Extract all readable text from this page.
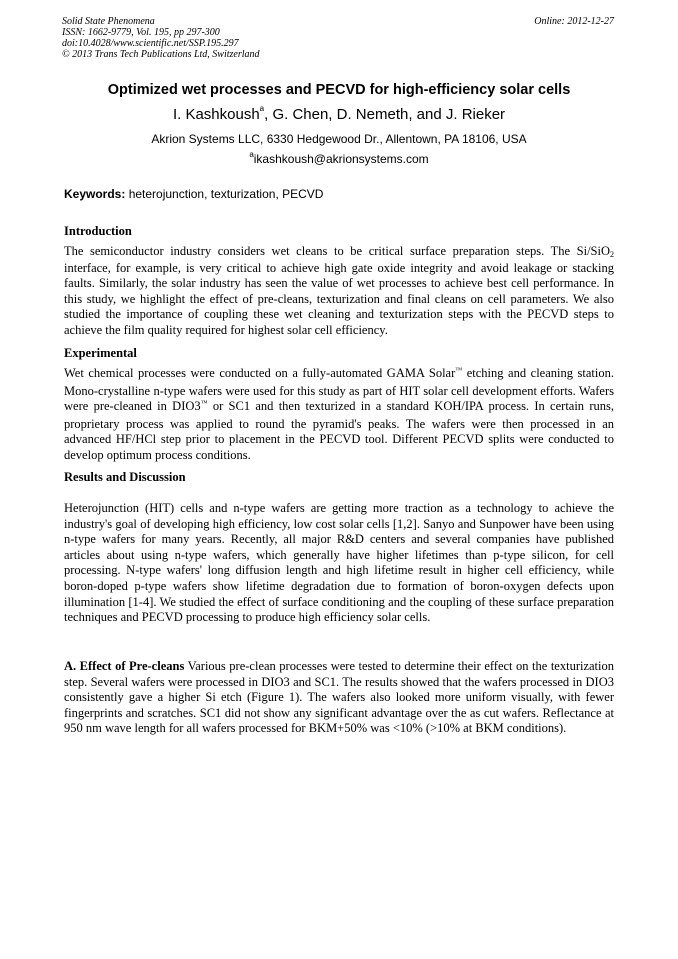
Solid State Phenomena
ISSN: 1662-9779, Vol. 195, pp 297-300
doi:10.4028/www.scientific.net/SSP.195.297
© 2013 Trans Tech Publications Ltd, Switzerland
Online: 2012-12-27
Optimized wet processes and PECVD for high-efficiency solar cells
I. Kashkoush$^a$, G. Chen, D. Nemeth, and J. Rieker
Akrion Systems LLC, 6330 Hedgewood Dr., Allentown, PA 18106, USA
$^a$ikashkoush@akrionsystems.com
Keywords: heterojunction, texturization, PECVD
Introduction
The semiconductor industry considers wet cleans to be critical surface preparation steps. The Si/SiO$_2$ interface, for example, is very critical to achieve high gate oxide integrity and avoid leakage or stacking faults. Similarly, the solar industry has seen the value of wet processes to achieve best cell performance. In this study, we highlight the effect of pre-cleans, texturization and final cleans on cell parameters. We also studied the importance of coupling these wet cleaning and texturization steps with the PECVD steps to achieve the film quality required for highest solar cell efficiency.
Experimental
Wet chemical processes were conducted on a fully-automated GAMA Solar™ etching and cleaning station. Mono-crystalline n-type wafers were used for this study as part of HIT solar cell development efforts. Wafers were pre-cleaned in DIO3™ or SC1 and then texturized in a standard KOH/IPA process. In certain runs, proprietary process was applied to round the pyramid's peaks. The wafers were then processed in an advanced HF/HCl step prior to placement in the PECVD tool. Different PECVD splits were conducted to develop optimum process conditions.
Results and Discussion
Heterojunction (HIT) cells and n-type wafers are getting more traction as a technology to achieve the industry's goal of developing high efficiency, low cost solar cells [1,2]. Sanyo and Sunpower have been using n-type wafers for many years. Recently, all major R&D centers and several companies have published articles about using n-type wafers, which generally have higher lifetimes than p-type silicon, for cell processing. N-type wafers' long diffusion length and high lifetime result in higher cell efficiency, while boron-doped p-type wafers show lifetime degradation due to formation of boron-oxygen defects upon illumination [1-4]. We studied the effect of surface conditioning and the coupling of these surface preparation techniques and PECVD processing to produce high efficiency solar cells.
A. Effect of Pre-cleans Various pre-clean processes were tested to determine their effect on the texturization step. Several wafers were processed in DIO3 and SC1. The results showed that the wafers processed in DIO3 consistently gave a higher Si etch (Figure 1). The wafers also looked more uniform visually, with fewer fingerprints and scratches. SC1 did not show any significant advantage over the as cut wafers. Reflectance at 950 nm wave length for all wafers processed for BKM+50% was <10% (>10% at BKM conditions).
